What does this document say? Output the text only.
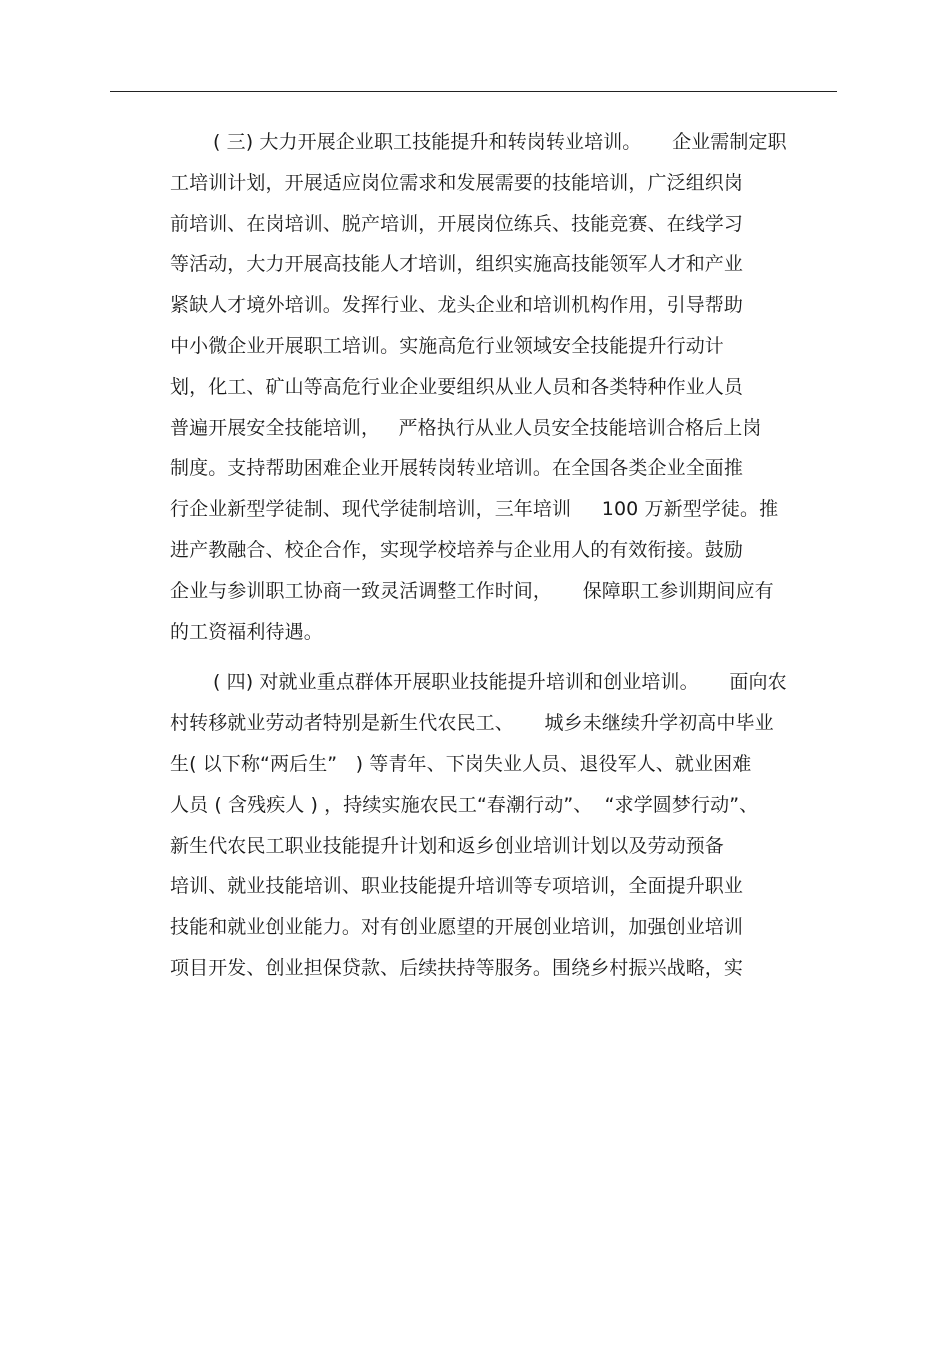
( 三) 大力开展企业职工技能提升和转岗转业培训。     企业需制定职
工培训计划，开展适应岗位需求和发展需要的技能培训，广泛组织岗
前培训、在岗培训、脱产培训，开展岗位练兵、技能竞赛、在线学习
等活动，大力开展高技能人才培训，组织实施高技能领军人才和产业
紧缺人才境外培训。发挥行业、龙头企业和培训机构作用，引导帮助
中小微企业开展职工培训。实施高危行业领域安全技能提升行动计
划，化工、矿山等高危行业企业要组织从业人员和各类特种作业人员
普遍开展安全技能培训，   严格执行从业人员安全技能培训合格后上岗
制度。支持帮助困难企业开展转岗转业培训。在全国各类企业全面推
行企业新型学徒制、现代学徒制培训，三年培训     100 万新型学徒。推
进产教融合、校企合作，实现学校培养与企业用人的有效衔接。鼓励
企业与参训职工协商一致灵活调整工作时间，     保障职工参训期间应有
的工资福利待遇。
( 四) 对就业重点群体开展职业技能提升培训和创业培训。     面向农
村转移就业劳动者特别是新生代农民工、     城乡未继续升学初高中毕业
生( 以下称“两后生”   ) 等青年、下岗失业人员、退役军人、就业困难
人员 ( 含残疾人 ) ，持续实施农民工“春潮行动”、  “求学圆梦行动”、
新生代农民工职业技能提升计划和返乡创业培训计划以及劳动预备
培训、就业技能培训、职业技能提升培训等专项培训，全面提升职业
技能和就业创业能力。对有创业愿望的开展创业培训，加强创业培训
项目开发、创业担保贷款、后续扶持等服务。围绕乡村振兴战略，实
